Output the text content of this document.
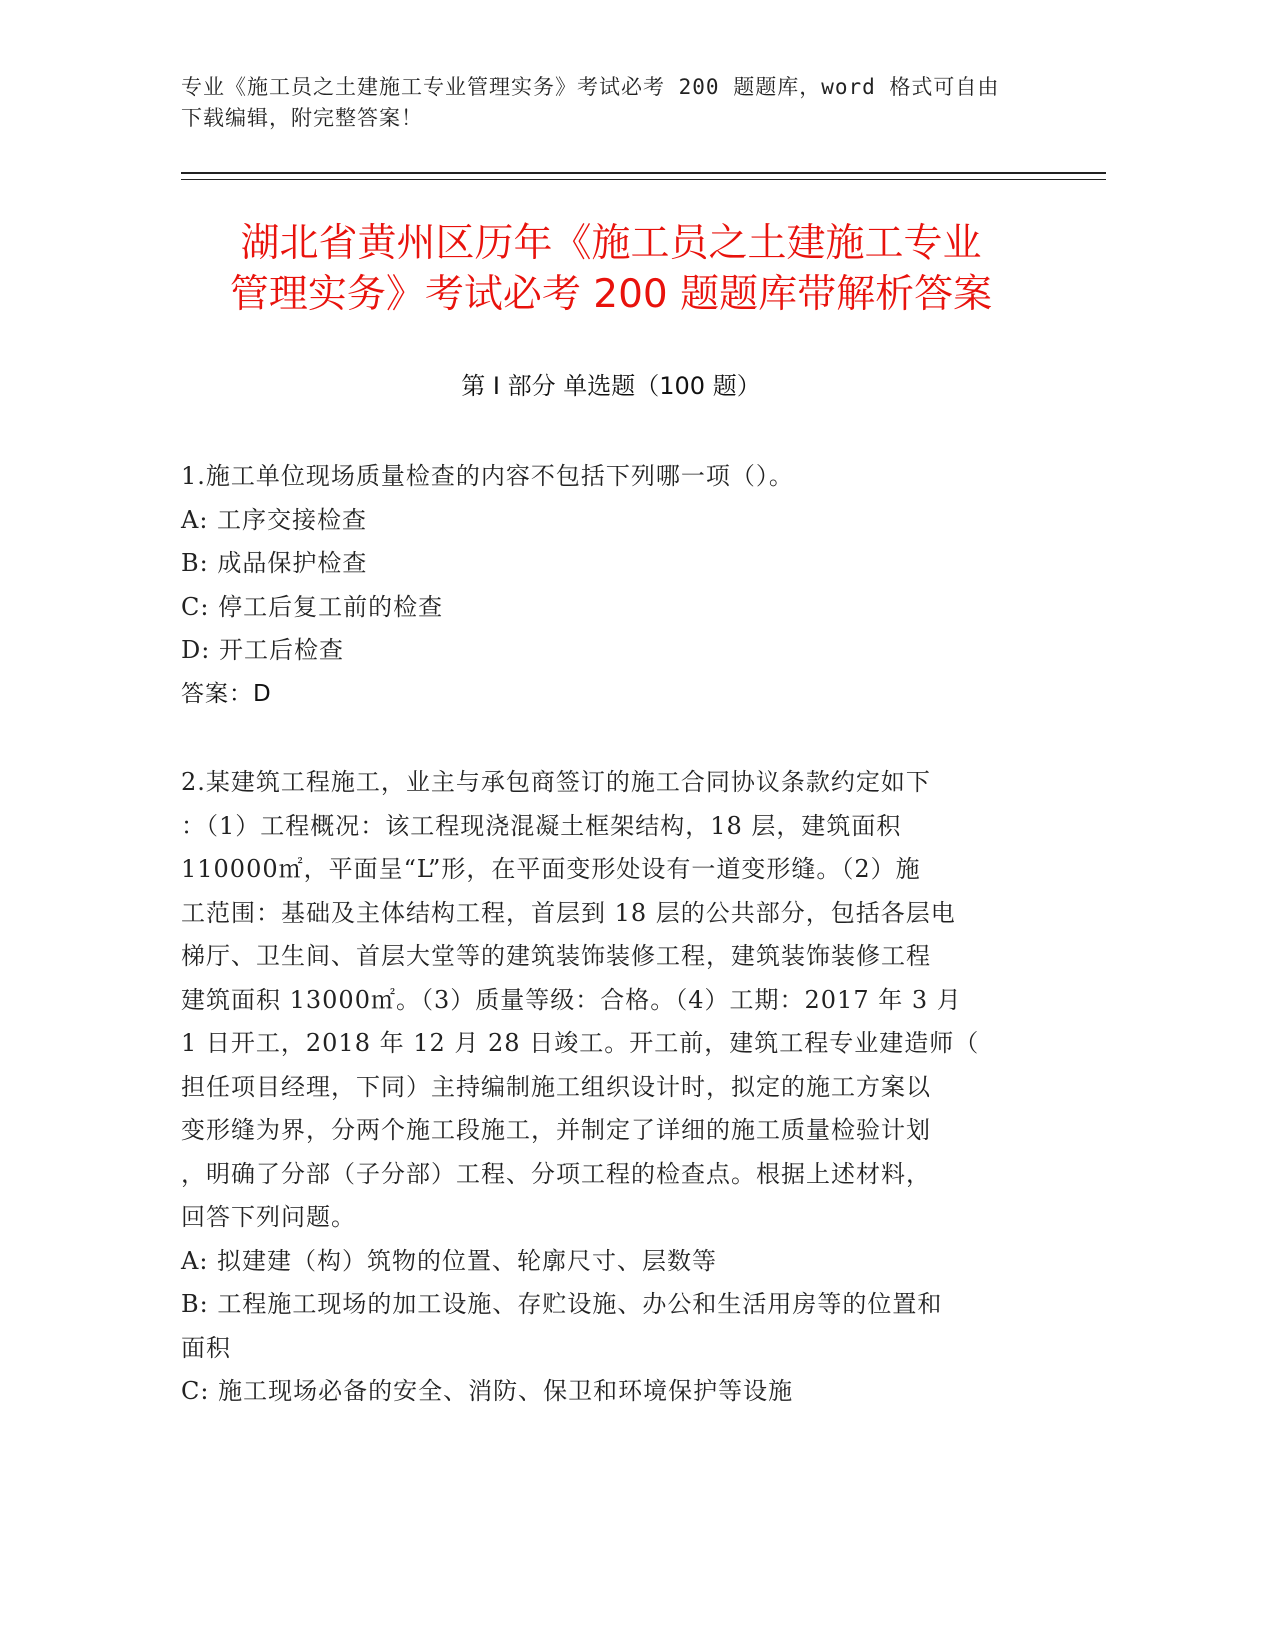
专业《施工员之土建施工专业管理实务》考试必考 200 题题库，word 格式可自由
下载编辑，附完整答案！
湖北省黄州区历年《施工员之土建施工专业
管理实务》考试必考 200 题题库带解析答案
第 I 部分 单选题（100 题）
1.施工单位现场质量检查的内容不包括下列哪一项（）。
A: 工序交接检查
B: 成品保护检查
C: 停工后复工前的检查
D: 开工后检查
答案：D
2.某建筑工程施工，业主与承包商签订的施工合同协议条款约定如下
：（1）工程概况：该工程现浇混凝土框架结构，18 层，建筑面积
110000㎡，平面呈“L”形，在平面变形处设有一道变形缝。（2）施
工范围：基础及主体结构工程，首层到 18 层的公共部分，包括各层电
梯厅、卫生间、首层大堂等的建筑装饰装修工程，建筑装饰装修工程
建筑面积 13000㎡。（3）质量等级：合格。（4）工期：2017 年 3 月
1 日开工，2018 年 12 月 28 日竣工。开工前，建筑工程专业建造师（
担任项目经理，下同）主持编制施工组织设计时，拟定的施工方案以
变形缝为界，分两个施工段施工，并制定了详细的施工质量检验计划
，明确了分部（子分部）工程、分项工程的检查点。根据上述材料，
回答下列问题。
A: 拟建建（构）筑物的位置、轮廓尺寸、层数等
B: 工程施工现场的加工设施、存贮设施、办公和生活用房等的位置和
面积
C: 施工现场必备的安全、消防、保卫和环境保护等设施
